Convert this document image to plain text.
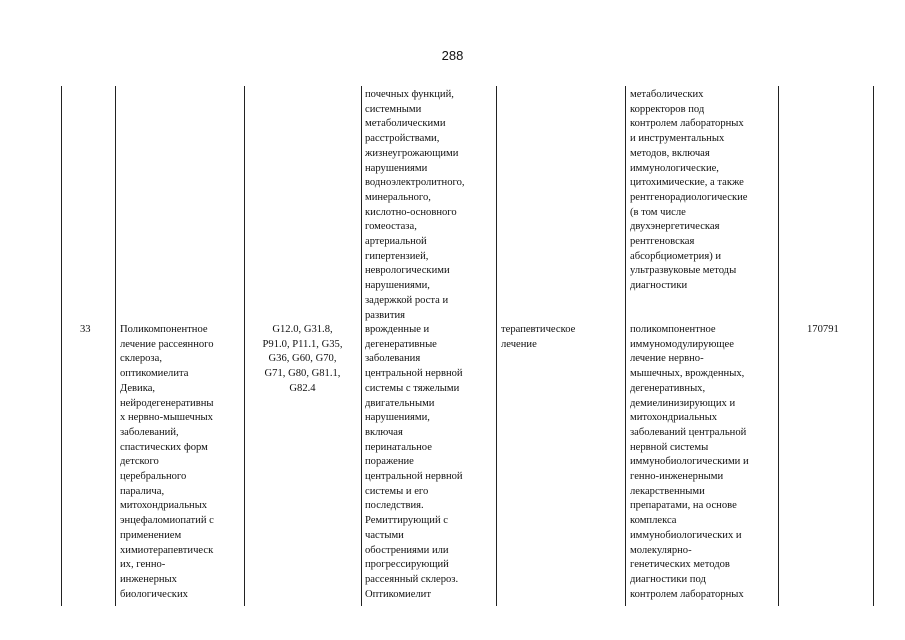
288
почечных функций,
системными
метаболическими
расстройствами,
жизнеугрожающими
нарушениями
водноэлектролитного,
минерального,
кислотно-основного
гомеостаза,
артериальной
гипертензией,
неврологическими
нарушениями,
задержкой роста и
развития
метаболических
корректоров под
контролем лабораторных
и инструментальных
методов, включая
иммунологические,
цитохимические, а также
рентгенорадиологические
(в том числе
двухэнергетическая
рентгеновская
абсорбциометрия) и
ультразвуковые методы
диагностики
33	Поликомпонентное
лечение рассеянного
склероза,
оптикомиелита
Девика,
нейродегенеративны
х нервно-мышечных
заболеваний,
спастических форм
детского
церебрального
паралича,
митохондриальных
энцефаломиопатий с
применением
химиотерапевтическ
их, генно-
инженерных
биологических
G12.0, G31.8,
P91.0, P11.1, G35,
G36, G60, G70,
G71, G80, G81.1,
G82.4
врожденные и
дегенеративные
заболевания
центральной нервной
системы с тяжелыми
двигательными
нарушениями,
включая
перинатальное
поражение
центральной нервной
системы и его
последствия.
Ремиттирующий с
частыми
обострениями или
прогрессирующий
рассеянный склероз.
Оптикомиелит
терапевтическое
лечение
поликомпонентное
иммуномодулирующее
лечение нервно-
мышечных, врожденных,
дегенеративных,
демиелинизирующих и
митохондриальных
заболеваний центральной
нервной системы
иммунобиологическими и
генно-инженерными
лекарственными
препаратами, на основе
комплекса
иммунобиологических и
молекулярно-
генетических методов
диагностики под
контролем лабораторных
170791
